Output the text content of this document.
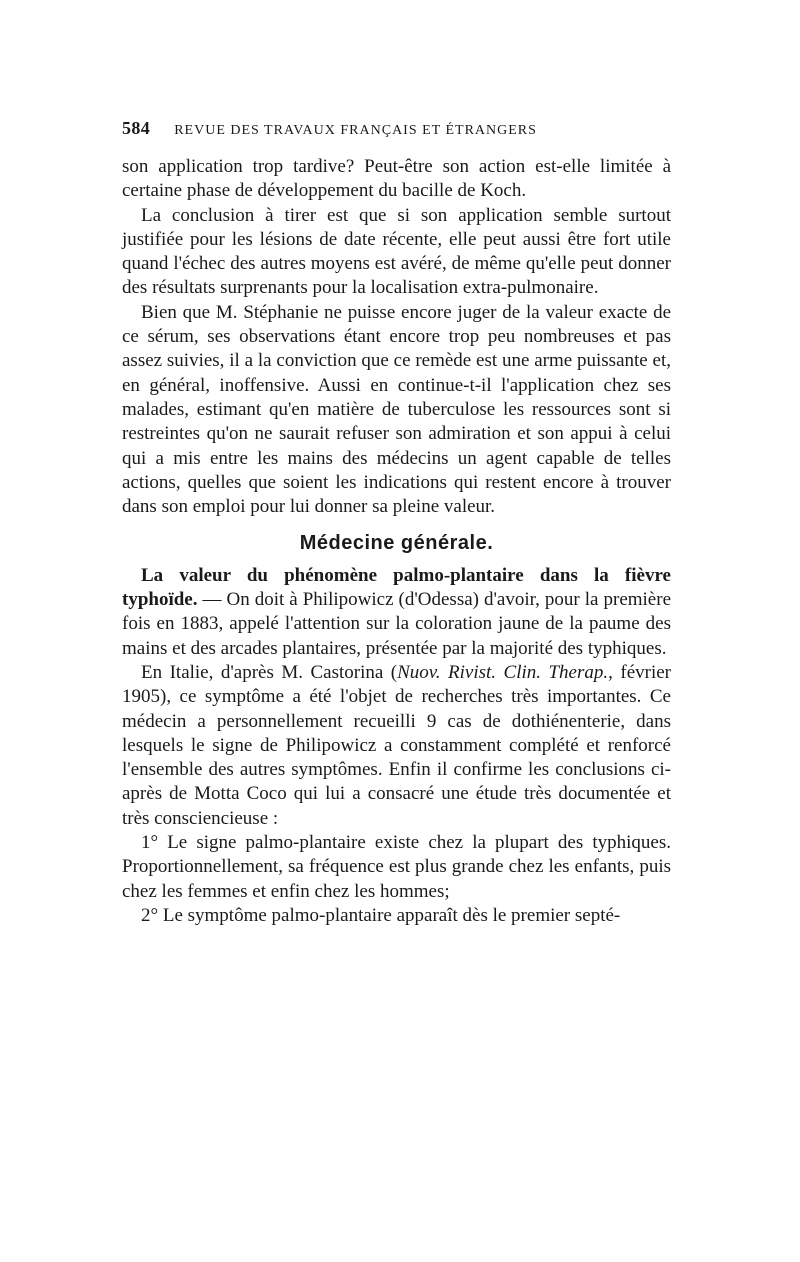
584 REVUE DES TRAVAUX FRANÇAIS ET ÉTRANGERS

son application trop tardive? Peut-être son action est-elle limitée à certaine phase de développement du bacille de Koch.

La conclusion à tirer est que si son application semble surtout justifiée pour les lésions de date récente, elle peut aussi être fort utile quand l'échec des autres moyens est avéré, de même qu'elle peut donner des résultats surprenants pour la localisation extra-pulmonaire.

Bien que M. Stéphanie ne puisse encore juger de la valeur exacte de ce sérum, ses observations étant encore trop peu nombreuses et pas assez suivies, il a la conviction que ce remède est une arme puissante et, en général, inoffensive. Aussi en continue-t-il l'application chez ses malades, estimant qu'en matière de tuberculose les ressources sont si restreintes qu'on ne saurait refuser son admiration et son appui à celui qui a mis entre les mains des médecins un agent capable de telles actions, quelles que soient les indications qui restent encore à trouver dans son emploi pour lui donner sa pleine valeur.

Médecine générale.

La valeur du phénomène palmo-plantaire dans la fièvre typhoïde. — On doit à Philipowicz (d'Odessa) d'avoir, pour la première fois en 1883, appelé l'attention sur la coloration jaune de la paume des mains et des arcades plantaires, présentée par la majorité des typhiques.

En Italie, d'après M. Castorina (Nuov. Rivist. Clin. Therap., février 1905), ce symptôme a été l'objet de recherches très importantes. Ce médecin a personnellement recueilli 9 cas de dothiénenterie, dans lesquels le signe de Philipowicz a constamment complété et renforcé l'ensemble des autres symptômes. Enfin il confirme les conclusions ci-après de Motta Coco qui lui a consacré une étude très documentée et très consciencieuse :

1° Le signe palmo-plantaire existe chez la plupart des typhiques. Proportionnellement, sa fréquence est plus grande chez les enfants, puis chez les femmes et enfin chez les hommes;

2° Le symptôme palmo-plantaire apparaît dès le premier septé-
